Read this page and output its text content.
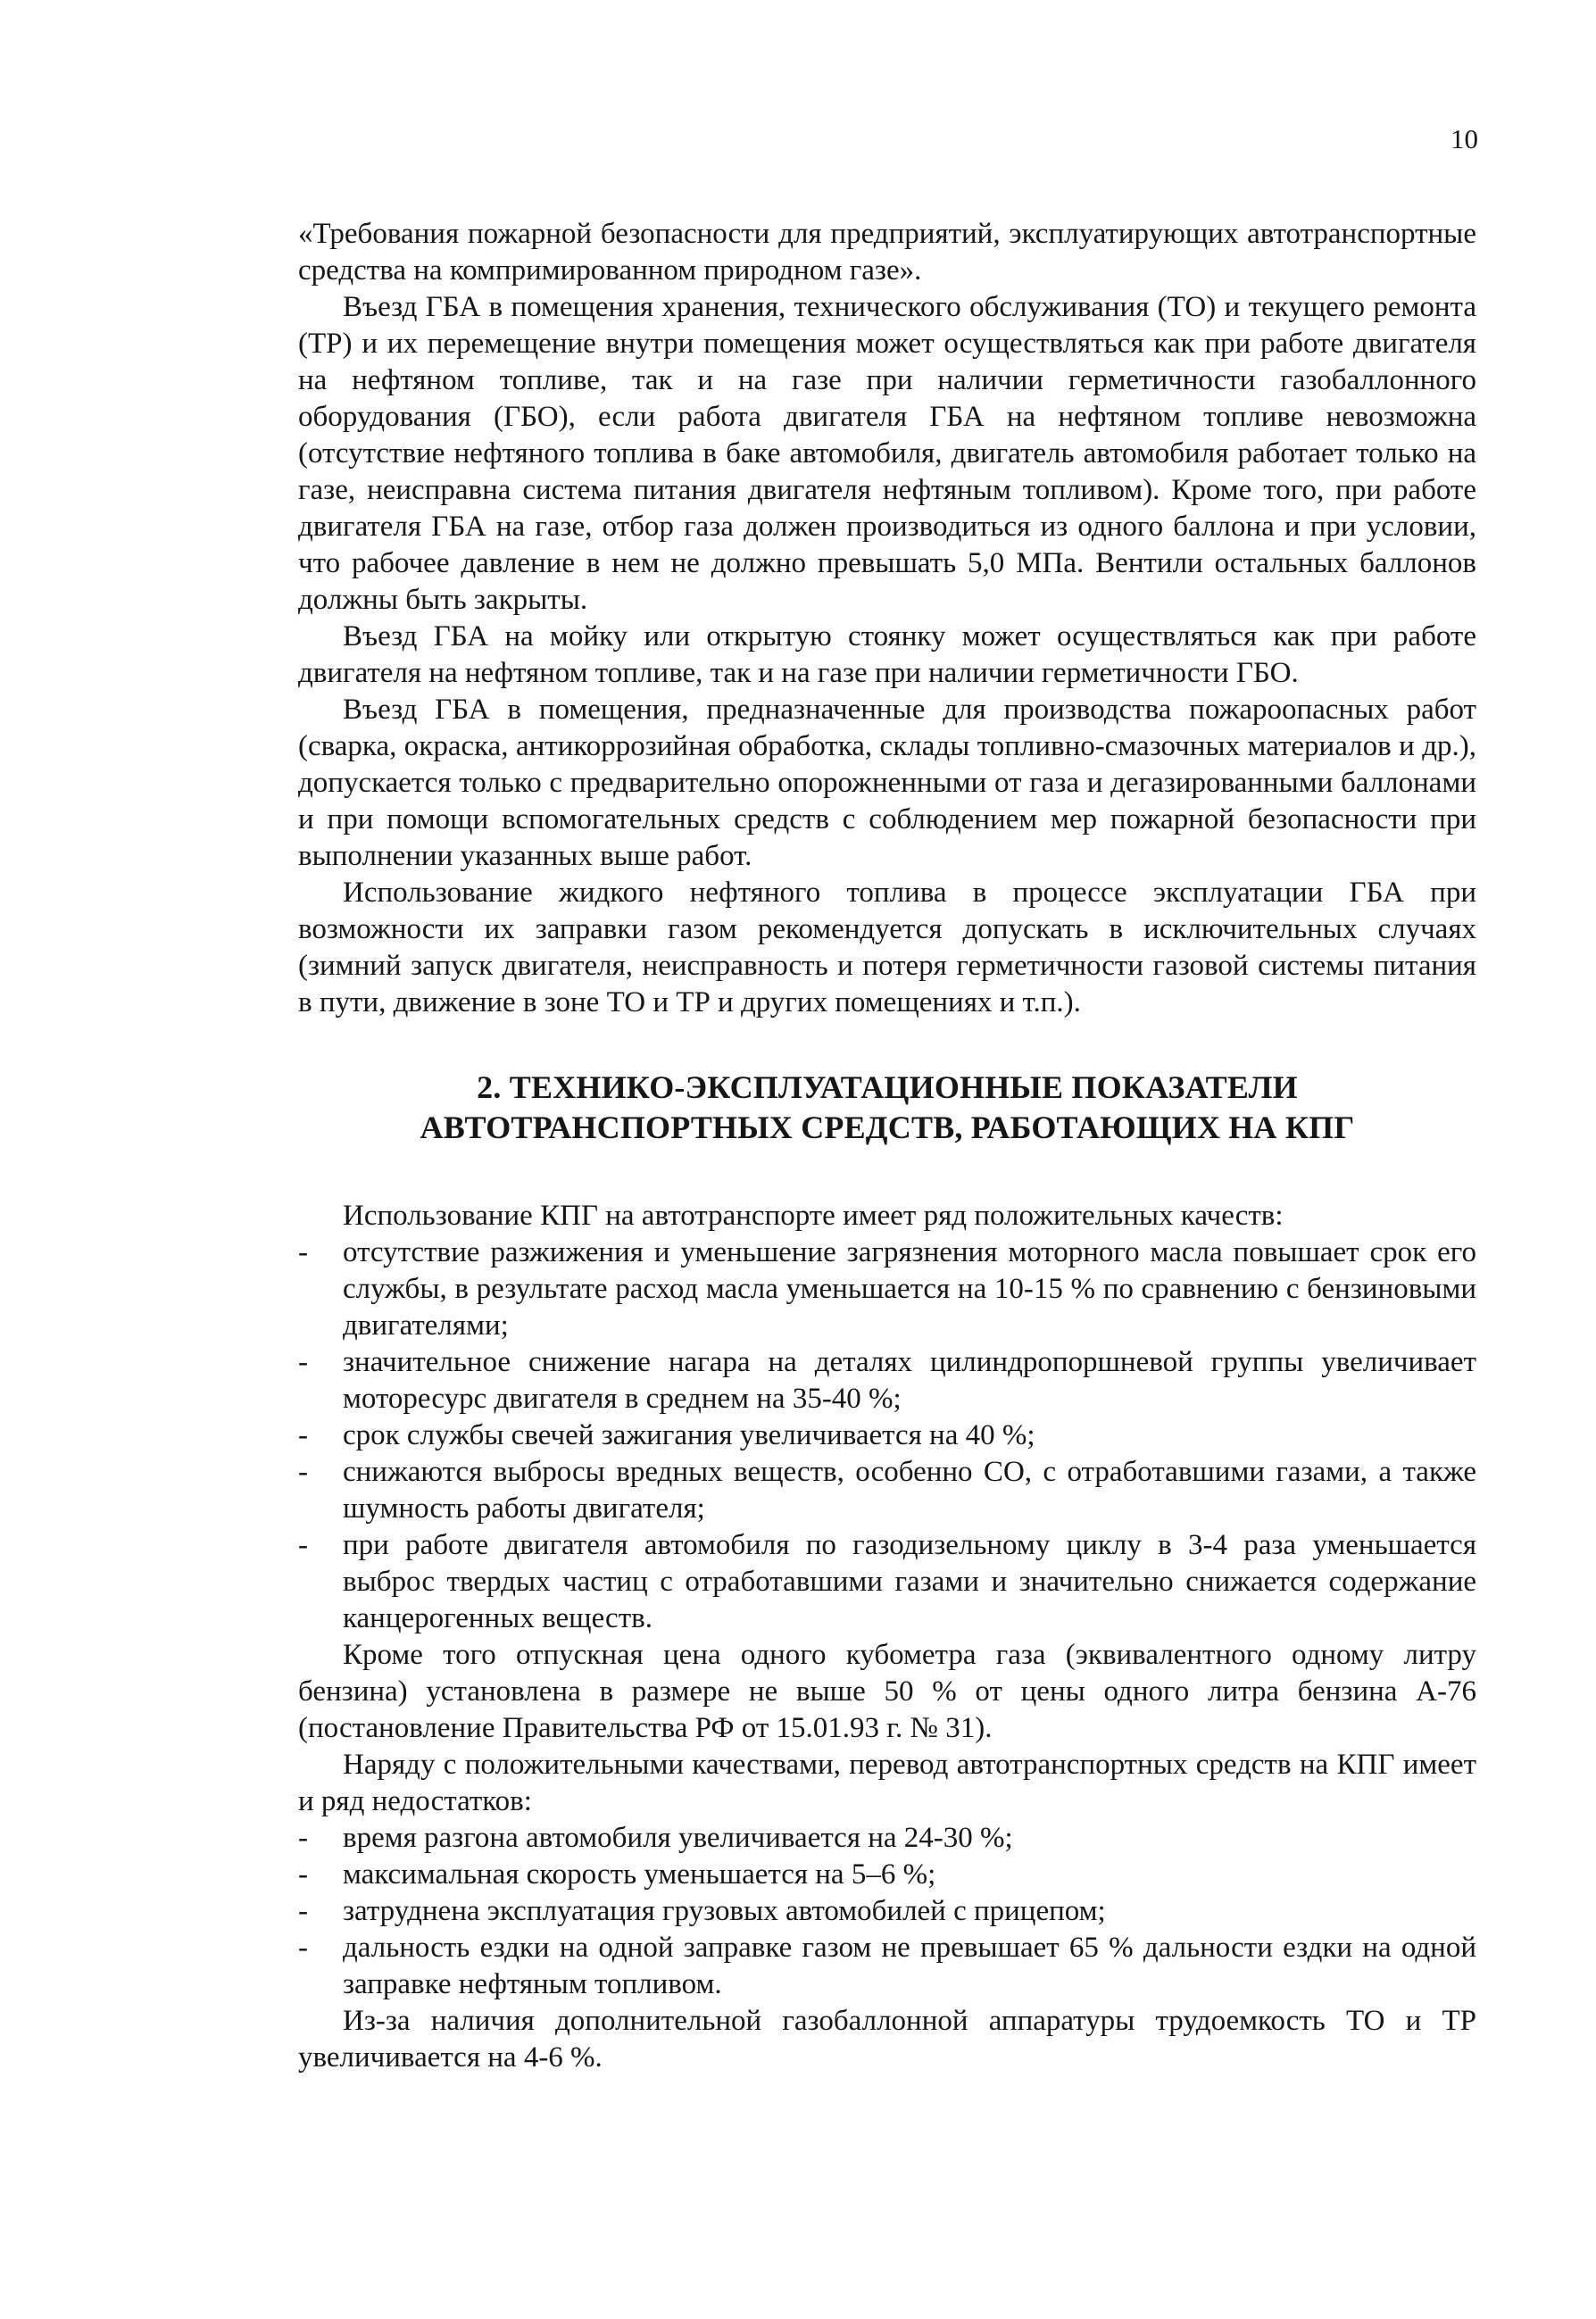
10

«Требования пожарной безопасности для предприятий, эксплуатирующих автотранспортные средства на компримированном природном газе».

Въезд ГБА в помещения хранения, технического обслуживания (ТО) и текущего ремонта (ТР) и их перемещение внутри помещения может осуществляться как при работе двигателя на нефтяном топливе, так и на газе при наличии герметичности газобаллонного оборудования (ГБО), если работа двигателя ГБА на нефтяном топливе невозможна (отсутствие нефтяного топлива в баке автомобиля, двигатель автомобиля работает только на газе, неисправна система питания двигателя нефтяным топливом). Кроме того, при работе двигателя ГБА на газе, отбор газа должен производиться из одного баллона и при условии, что рабочее давление в нем не должно превышать 5,0 МПа. Вентили остальных баллонов должны быть закрыты.

Въезд ГБА на мойку или открытую стоянку может осуществляться как при работе двигателя на нефтяном топливе, так и на газе при наличии герметичности ГБО.

Въезд ГБА в помещения, предназначенные для производства пожароопасных работ (сварка, окраска, антикоррозийная обработка, склады топливно-смазочных материалов и др.), допускается только с предварительно опорожненными от газа и дегазированными баллонами и при помощи вспомогательных средств с соблюдением мер пожарной безопасности при выполнении указанных выше работ.

Использование жидкого нефтяного топлива в процессе эксплуатации ГБА при возможности их заправки газом рекомендуется допускать в исключительных случаях (зимний запуск двигателя, неисправность и потеря герметичности газовой системы питания в пути, движение в зоне ТО и ТР и других помещениях и т.п.).

2. ТЕХНИКО-ЭКСПЛУАТАЦИОННЫЕ ПОКАЗАТЕЛИ
АВТОТРАНСПОРТНЫХ СРЕДСТВ, РАБОТАЮЩИХ НА КПГ

Использование КПГ на автотранспорте имеет ряд положительных качеств:

-	отсутствие разжижения и уменьшение загрязнения моторного масла повышает срок его службы, в результате расход масла уменьшается на 10-15 % по сравнению с бензиновыми двигателями;
-	значительное снижение нагара на деталях цилиндропоршневой группы увеличивает моторесурс двигателя в среднем на 35-40 %;
-	срок службы свечей зажигания увеличивается на 40 %;
-	снижаются выбросы вредных веществ, особенно СО, с отработавшими газами, а также шумность работы двигателя;
-	при работе двигателя автомобиля по газодизельному циклу в 3-4 раза уменьшается выброс твердых частиц с отработавшими газами и значительно снижается содержание канцерогенных веществ.

Кроме того отпускная цена одного кубометра газа (эквивалентного одному литру бензина) установлена в размере не выше 50 % от цены одного литра бензина А-76 (постановление Правительства РФ от 15.01.93 г. № 31).

Наряду с положительными качествами, перевод автотранспортных средств на КПГ имеет и ряд недостатков:

-	время разгона автомобиля увеличивается на 24-30 %;
-	максимальная скорость уменьшается на 5–6 %;
-	затруднена эксплуатация грузовых автомобилей с прицепом;
-	дальность ездки на одной заправке газом не превышает 65 % дальности ездки на одной заправке нефтяным топливом.

Из-за наличия дополнительной газобаллонной аппаратуры трудоемкость ТО и ТР увеличивается на 4-6 %.
